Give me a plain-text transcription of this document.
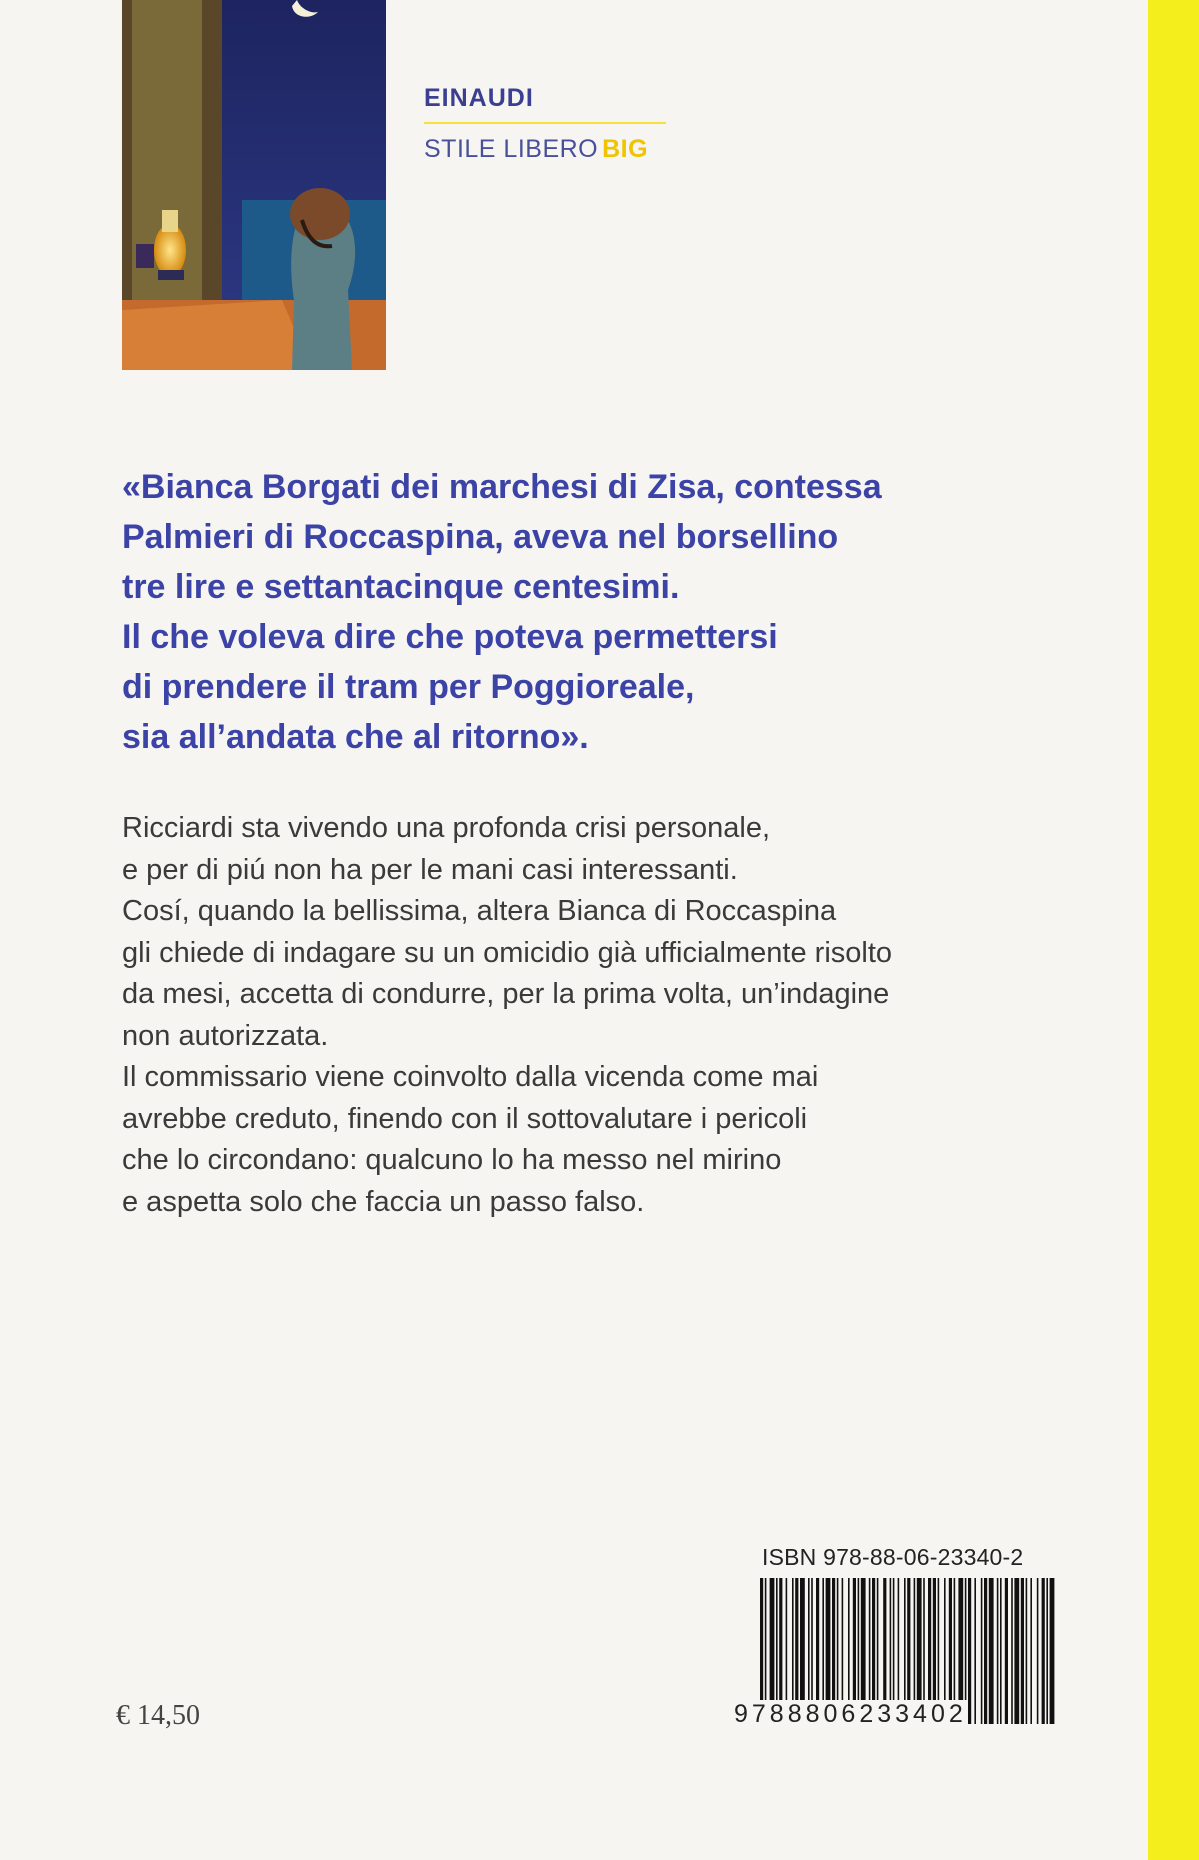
EINAUDI
STILE LIBERO BIG
«Bianca Borgati dei marchesi di Zisa, contessa
Palmieri di Roccaspina, aveva nel borsellino
tre lire e settantacinque centesimi.
Il che voleva dire che poteva permettersi
di prendere il tram per Poggioreale,
sia all’andata che al ritorno».
Ricciardi sta vivendo una profonda crisi personale,
e per di piú non ha per le mani casi interessanti.
Cosí, quando la bellissima, altera Bianca di Roccaspina
gli chiede di indagare su un omicidio già ufficialmente risolto
da mesi, accetta di condurre, per la prima volta, un’indagine
non autorizzata.
Il commissario viene coinvolto dalla vicenda come mai
avrebbe creduto, finendo con il sottovalutare i pericoli
che lo circondano: qualcuno lo ha messo nel mirino
e aspetta solo che faccia un passo falso.
ISBN 978-88-06-23340-2
9788806233402
€ 14,50
